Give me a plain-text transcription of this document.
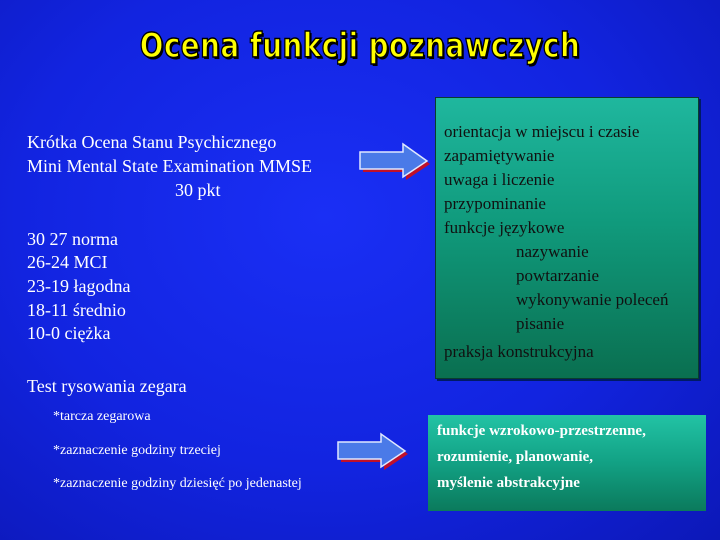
Ocena funkcji poznawczych
Krótka Ocena Stanu Psychicznego
Mini Mental State Examination MMSE
30 pkt
30 27 norma
26-24 MCI
23-19 łagodna
18-11 średnio
10-0 ciężka
Test rysowania zegara
*tarcza zegarowa
*zaznaczenie godziny trzeciej
*zaznaczenie godziny dziesięć po jedenastej
orientacja w miejscu i czasie
zapamiętywanie
uwaga i liczenie
przypominanie
funkcje językowe
nazywanie
powtarzanie
wykonywanie poleceń
pisanie
praksja konstrukcyjna
funkcje wzrokowo-przestrzenne,
rozumienie, planowanie,
myślenie abstrakcyjne
